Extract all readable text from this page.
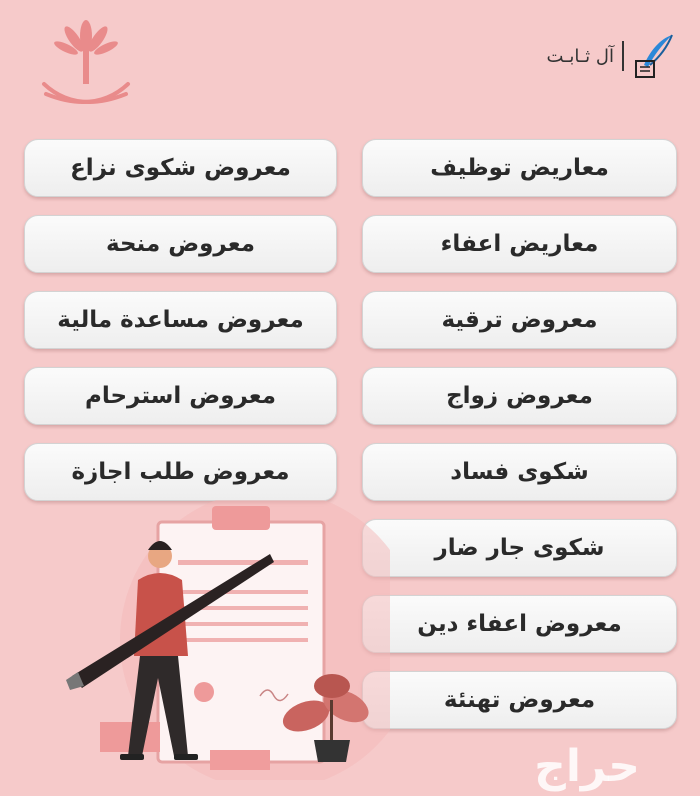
آل ثـابـت
معاريض توظيف
معاريض اعفاء
معروض ترقية
معروض زواج
شكوى فساد
شكوى جار ضار
معروض اعفاء دين
معروض تهنئة
معروض شكوى نزاع
معروض منحة
معروض مساعدة مالية
معروض استرحام
معروض طلب اجازة
حراج
